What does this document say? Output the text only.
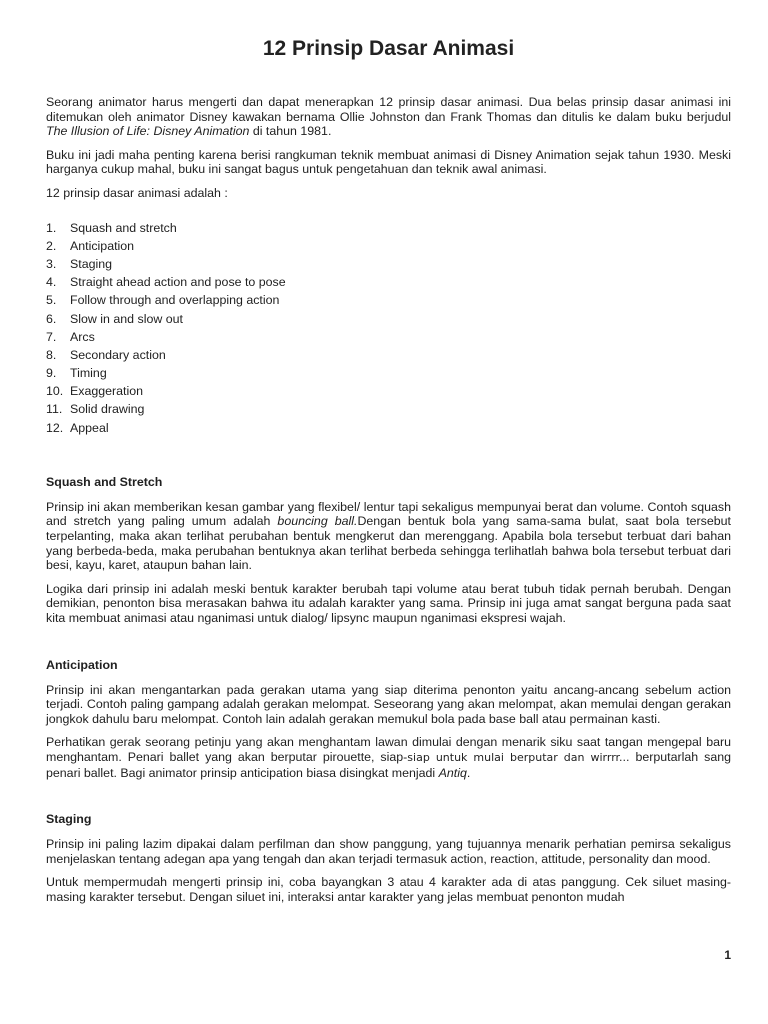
12 Prinsip Dasar Animasi

Seorang animator harus mengerti dan dapat menerapkan 12 prinsip dasar animasi. Dua belas prinsip dasar animasi ini ditemukan oleh animator Disney kawakan bernama Ollie Johnston dan Frank Thomas dan ditulis ke dalam buku berjudul The Illusion of Life: Disney Animation di tahun 1981.

Buku ini jadi maha penting karena berisi rangkuman teknik membuat animasi di Disney Animation sejak tahun 1930. Meski harganya cukup mahal, buku ini sangat bagus untuk pengetahuan dan teknik awal animasi.

12 prinsip dasar animasi adalah :

1.	Squash and stretch
2.	Anticipation
3.	Staging
4.	Straight ahead action and pose to pose
5.	Follow through and overlapping action
6.	Slow in and slow out
7.	Arcs
8.	Secondary action
9.	Timing
10. Exaggeration
11. Solid drawing
12. Appeal
Squash and Stretch

Prinsip ini akan memberikan kesan gambar yang flexibel/ lentur tapi sekaligus mempunyai berat dan volume. Contoh squash and stretch yang paling umum adalah bouncing ball.Dengan bentuk bola yang sama-sama bulat, saat bola tersebut terpelanting, maka akan terlihat perubahan bentuk mengkerut dan merenggang. Apabila bola tersebut terbuat dari bahan yang berbeda-beda, maka perubahan bentuknya akan terlihat berbeda sehingga terlihatlah bahwa bola tersebut terbuat dari besi, kayu, karet, ataupun bahan lain.

Logika dari prinsip ini adalah meski bentuk karakter berubah tapi volume atau berat tubuh tidak pernah berubah. Dengan demikian, penonton bisa merasakan bahwa itu adalah karakter yang sama. Prinsip ini juga amat sangat berguna pada saat kita membuat animasi atau nganimasi untuk dialog/ lipsync maupun nganimasi ekspresi wajah.

Anticipation

Prinsip ini akan mengantarkan pada gerakan utama yang siap diterima penonton yaitu ancang-ancang sebelum action terjadi. Contoh paling gampang adalah gerakan melompat. Seseorang yang akan melompat, akan memulai dengan gerakan jongkok dahulu baru melompat. Contoh lain adalah gerakan memukul bola pada base ball atau permainan kasti.

Perhatikan gerak seorang petinju yang akan menghantam lawan dimulai dengan menarik siku saat tangan mengepal baru menghantam. Penari ballet yang akan berputar pirouette, siap-siap untuk mulai berputar dan wirrrr... berputarlah sang penari ballet. Bagi animator prinsip anticipation biasa disingkat menjadi Antiq.

Staging

Prinsip ini paling lazim dipakai dalam perfilman dan show panggung, yang tujuannya menarik perhatian pemirsa sekaligus menjelaskan tentang adegan apa yang tengah dan akan terjadi termasuk action, reaction, attitude, personality dan mood.

Untuk mempermudah mengerti prinsip ini, coba bayangkan 3 atau 4 karakter ada di atas panggung. Cek siluet masing-masing karakter tersebut. Dengan siluet ini, interaksi antar karakter yang jelas membuat penonton mudah

1
